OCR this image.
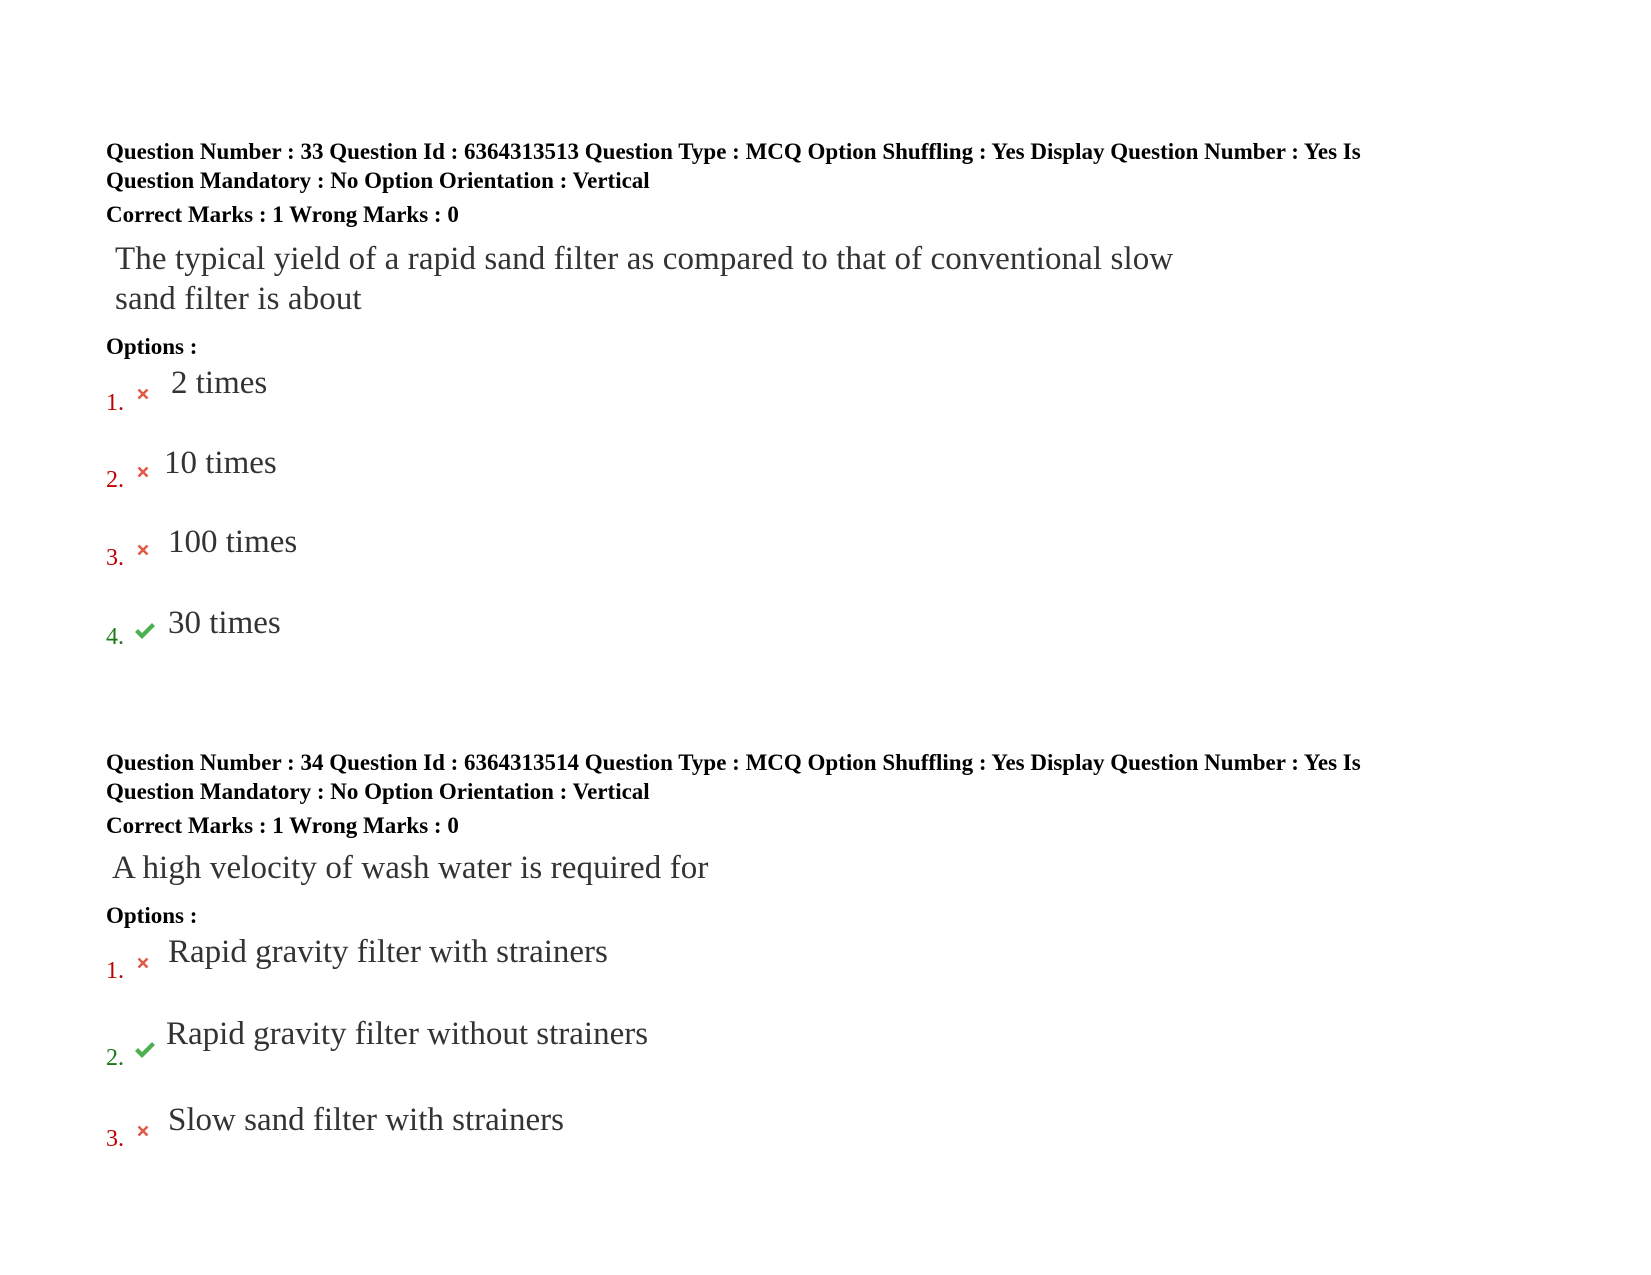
Question Number : 33 Question Id : 6364313513 Question Type : MCQ Option Shuffling : Yes Display Question Number : Yes Is
Question Mandatory : No Option Orientation : Vertical
Correct Marks : 1 Wrong Marks : 0
The typical yield of a rapid sand filter as compared to that of conventional slow
sand filter is about
Options :
1.
2 times
2. 10 times
3. 100 times
4. 30 times
Question Number : 34 Question Id : 6364313514 Question Type : MCQ Option Shuffling : Yes Display Question Number : Yes Is
Question Mandatory : No Option Orientation : Vertical
Correct Marks : 1 Wrong Marks : 0
A high velocity of wash water is required for
Options :
1.
Rapid gravity filter with strainers
2.
Rapid gravity filter without strainers
3.
Slow sand filter with strainers
